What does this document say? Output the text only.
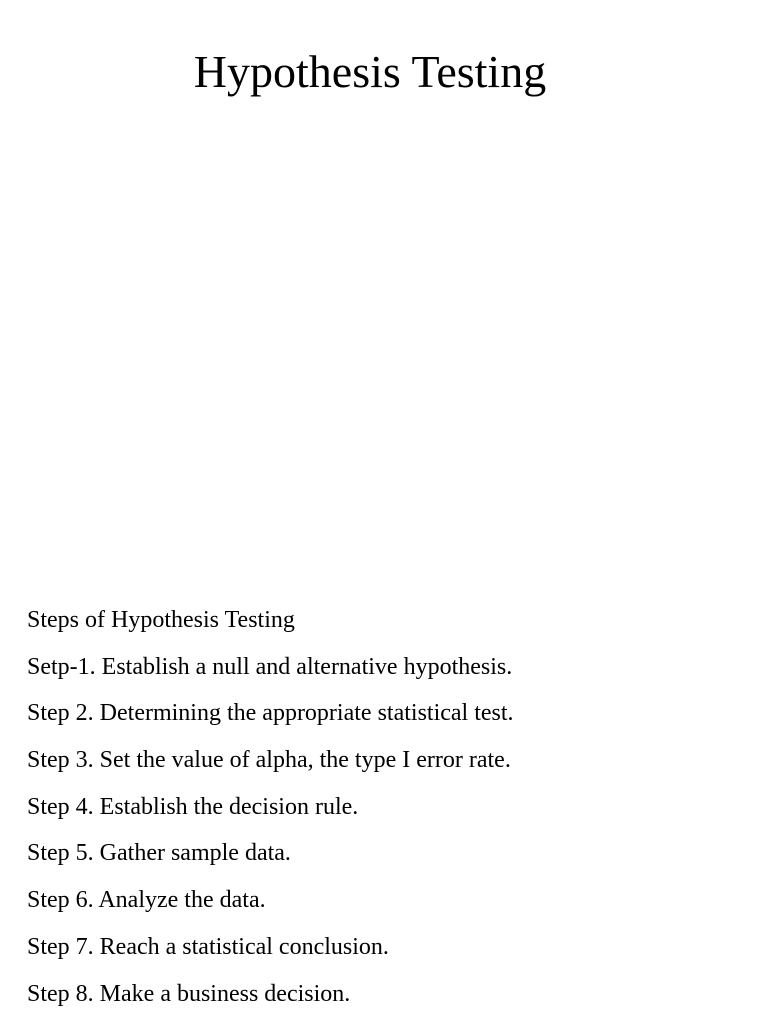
Hypothesis Testing
Steps of Hypothesis Testing
Setp-1. Establish a null and alternative hypothesis.
Step 2. Determining the appropriate statistical test.
Step 3. Set the value of alpha, the type I error rate.
Step 4. Establish the decision rule.
Step 5. Gather sample data.
Step 6. Analyze the data.
Step 7. Reach a statistical conclusion.
Step 8. Make a business decision.
